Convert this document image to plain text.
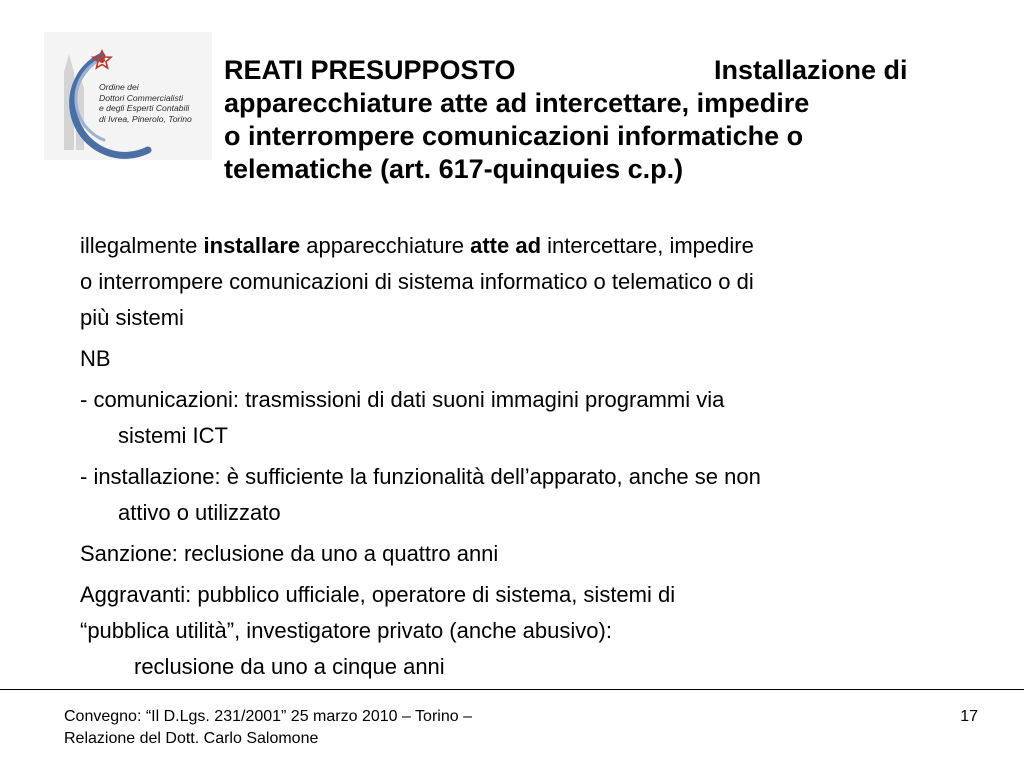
Ordine dei
Dottori Commercialisti
e degli Esperti Contabili
di Ivrea, Pinerolo, Torino
REATI PRESUPPOSTO	Installazione di
apparecchiature atte ad intercettare, impedire
o interrompere comunicazioni informatiche o
telematiche (art. 617-quinquies c.p.)

illegalmente installare apparecchiature atte ad intercettare, impedire
o interrompere comunicazioni di sistema informatico o telematico o di
più sistemi

NB

- comunicazioni: trasmissioni di dati suoni immagini programmi via
sistemi ICT

- installazione: è sufficiente la funzionalità dell’apparato, anche se non
attivo o utilizzato

Sanzione: reclusione da uno a quattro anni

Aggravanti: pubblico ufficiale, operatore di sistema, sistemi di
“pubblica utilità”, investigatore privato (anche abusivo):
reclusione da uno a cinque anni

Convegno: “Il D.Lgs. 231/2001” 25 marzo 2010 – Torino –
Relazione del Dott. Carlo Salomone
17
